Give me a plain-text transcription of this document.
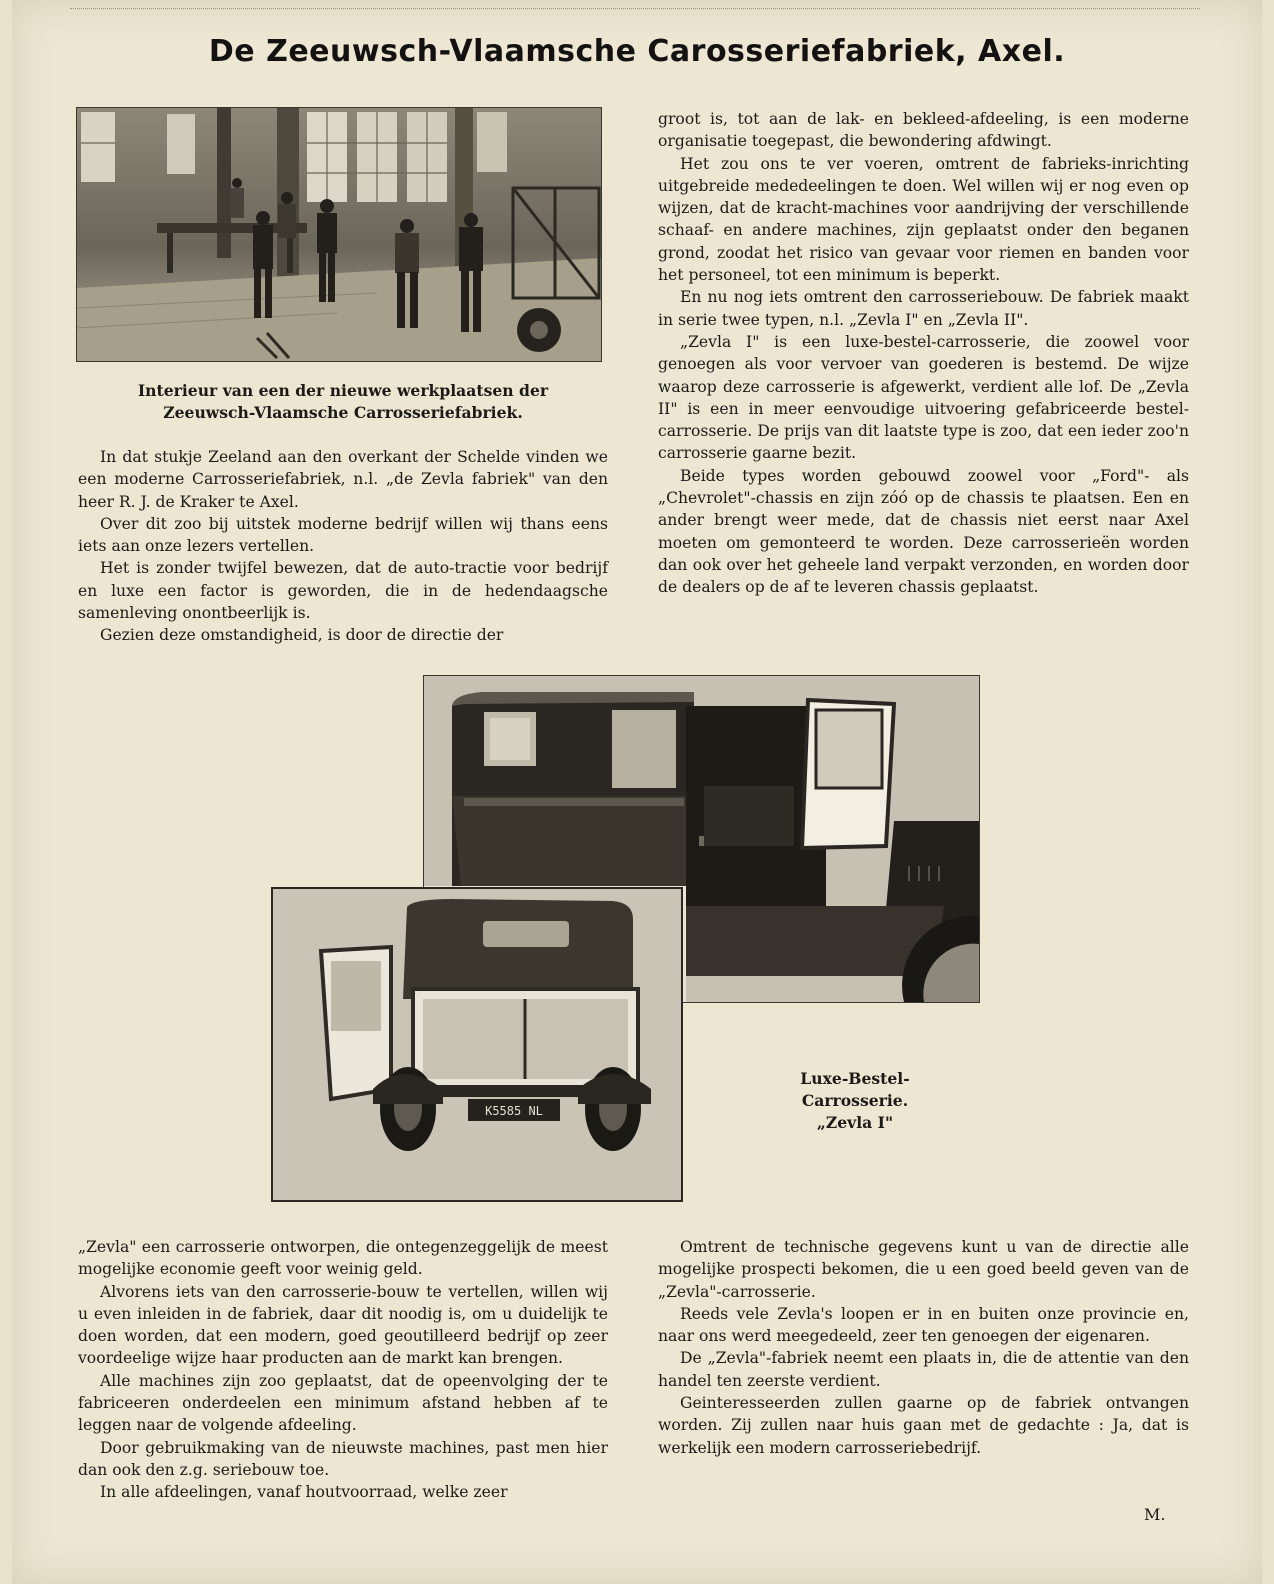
De Zeeuwsch-Vlaamsche Carosseriefabriek, Axel.
Interieur van een der nieuwe werkplaatsen der
Zeeuwsch-Vlaamsche Carrosseriefabriek.
K5585 NL
Luxe-Bestel-
Carrosserie.
„Zevla I"

In dat stukje Zeeland aan den overkant der Schelde vinden we een moderne Carrosseriefabriek, n.l. „de Zevla fabriek" van den heer R. J. de Kraker te Axel.

Over dit zoo bij uitstek moderne bedrijf willen wij thans eens iets aan onze lezers vertellen.

Het is zonder twijfel bewezen, dat de auto-tractie voor bedrijf en luxe een factor is geworden, die in de hedendaagsche samenleving onontbeerlijk is.

Gezien deze omstandigheid, is door de directie der

groot is, tot aan de lak- en bekleed-afdeeling, is een moderne organisatie toegepast, die bewondering afdwingt.

Het zou ons te ver voeren, omtrent de fabrieks-inrichting uitgebreide mededeelingen te doen. Wel willen wij er nog even op wijzen, dat de kracht-machines voor aandrijving der verschillende schaaf- en andere machines, zijn geplaatst onder den beganen grond, zoodat het risico van gevaar voor riemen en banden voor het personeel, tot een minimum is beperkt.

En nu nog iets omtrent den carrosseriebouw. De fabriek maakt in serie twee typen, n.l. „Zevla I" en „Zevla II".

„Zevla I" is een luxe-bestel-carrosserie, die zoowel voor genoegen als voor vervoer van goederen is bestemd. De wijze waarop deze carrosserie is afgewerkt, verdient alle lof. De „Zevla II" is een in meer eenvoudige uitvoering gefabriceerde bestel-carrosserie. De prijs van dit laatste type is zoo, dat een ieder zoo'n carrosserie gaarne bezit.

Beide types worden gebouwd zoowel voor „Ford"- als „Chevrolet"-chassis en zijn zóó op de chassis te plaatsen. Een en ander brengt weer mede, dat de chassis niet eerst naar Axel moeten om gemonteerd te worden. Deze carrosserieën worden dan ook over het geheele land verpakt verzonden, en worden door de dealers op de af te leveren chassis geplaatst.

„Zevla" een carrosserie ontworpen, die ontegenzeggelijk de meest mogelijke economie geeft voor weinig geld.

Alvorens iets van den carrosserie-bouw te vertellen, willen wij u even inleiden in de fabriek, daar dit noodig is, om u duidelijk te doen worden, dat een modern, goed geoutilleerd bedrijf op zeer voordeelige wijze haar producten aan de markt kan brengen.

Alle machines zijn zoo geplaatst, dat de opeenvolging der te fabriceeren onderdeelen een minimum afstand hebben af te leggen naar de volgende afdeeling.

Door gebruikmaking van de nieuwste machines, past men hier dan ook den z.g. seriebouw toe.

In alle afdeelingen, vanaf houtvoorraad, welke zeer

Omtrent de technische gegevens kunt u van de directie alle mogelijke prospecti bekomen, die u een goed beeld geven van de „Zevla"-carrosserie.

Reeds vele Zevla's loopen er in en buiten onze provincie en, naar ons werd meegedeeld, zeer ten genoegen der eigenaren.

De „Zevla"-fabriek neemt een plaats in, die de attentie van den handel ten zeerste verdient.

Geinteresseerden zullen gaarne op de fabriek ontvangen worden. Zij zullen naar huis gaan met de gedachte : Ja, dat is werkelijk een modern carrosseriebedrijf.

M.
